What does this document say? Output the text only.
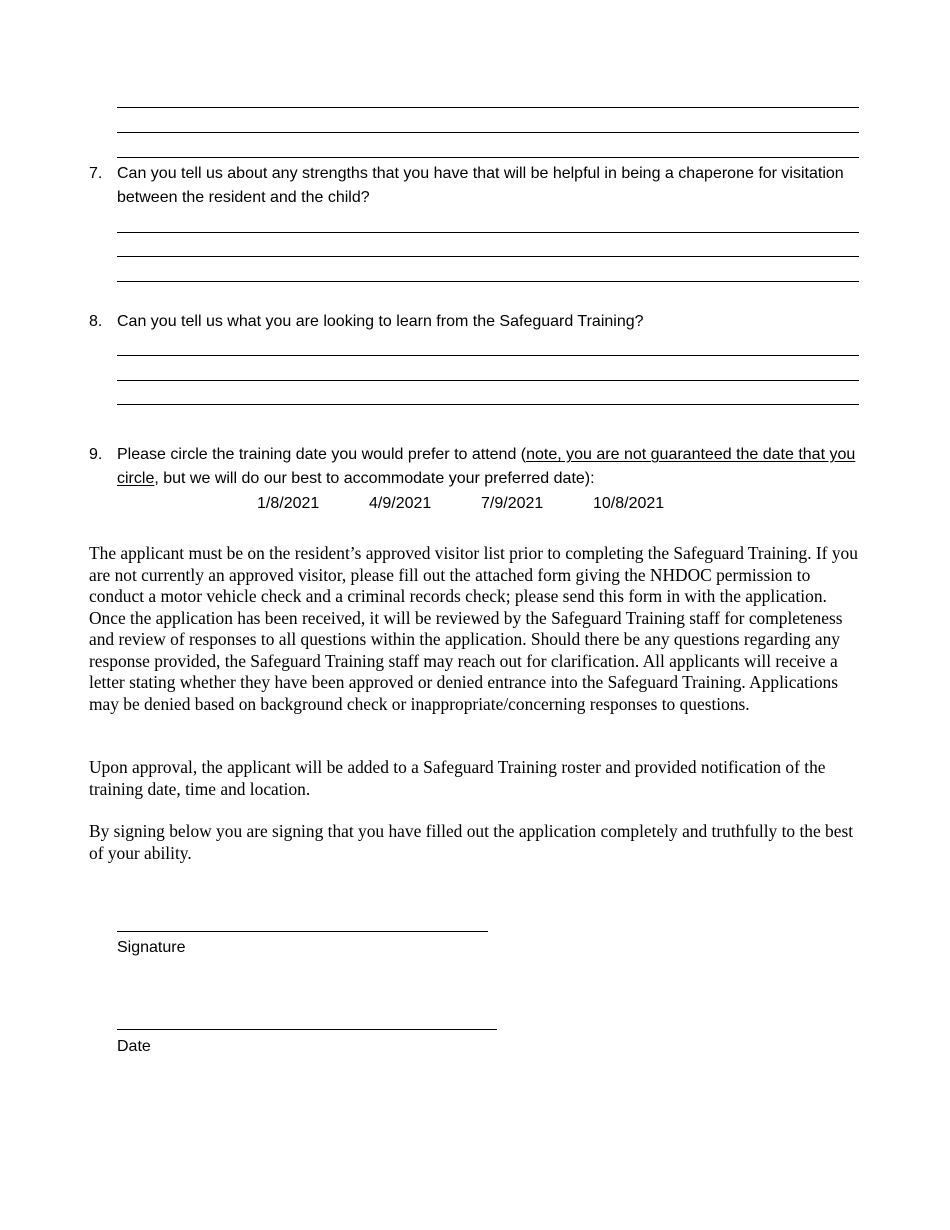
7. Can you tell us about any strengths that you have that will be helpful in being a chaperone for visitation between the resident and the child?
8. Can you tell us what you are looking to learn from the Safeguard Training?
9. Please circle the training date you would prefer to attend (note, you are not guaranteed the date that you circle, but we will do our best to accommodate your preferred date):
1/8/2021	4/9/2021	7/9/2021	10/8/2021

The applicant must be on the resident’s approved visitor list prior to completing the Safeguard Training. If you are not currently an approved visitor, please fill out the attached form giving the NHDOC permission to conduct a motor vehicle check and a criminal records check; please send this form in with the application. Once the application has been received, it will be reviewed by the Safeguard Training staff for completeness and review of responses to all questions within the application. Should there be any questions regarding any response provided, the Safeguard Training staff may reach out for clarification. All applicants will receive a letter stating whether they have been approved or denied entrance into the Safeguard Training. Applications may be denied based on background check or inappropriate/concerning responses to questions.

Upon approval, the applicant will be added to a Safeguard Training roster and provided notification of the training date, time and location.

By signing below you are signing that you have filled out the application completely and truthfully to the best of your ability.

Signature
Date
